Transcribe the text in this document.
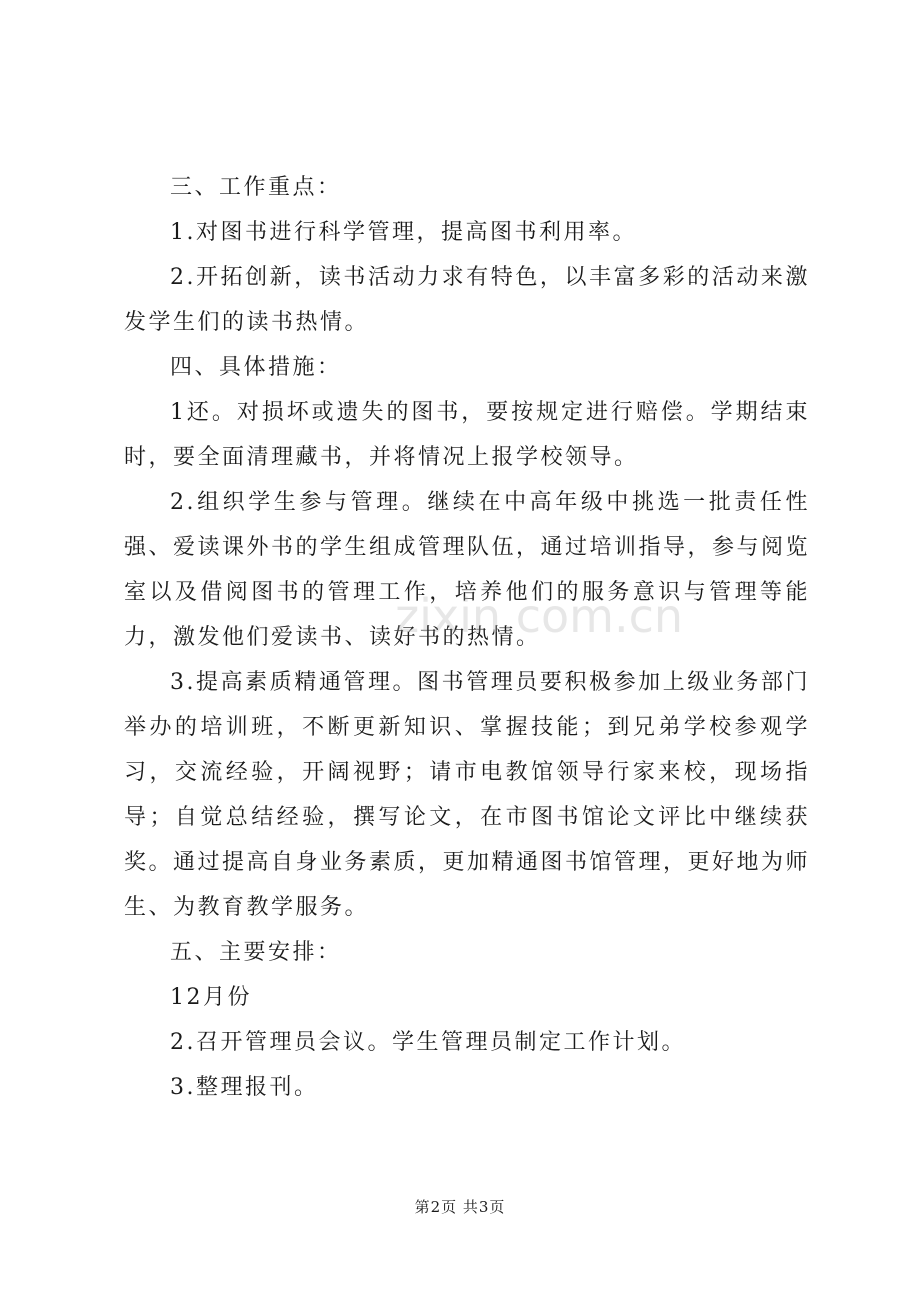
三、工作重点：

1.对图书进行科学管理，提高图书利用率。

2.开拓创新，读书活动力求有特色，以丰富多彩的活动来激发学生们的读书热情。

四、具体措施：

1还。对损坏或遗失的图书，要按规定进行赔偿。学期结束时，要全面清理藏书，并将情况上报学校领导。

2.组织学生参与管理。继续在中高年级中挑选一批责任性强、爱读课外书的学生组成管理队伍，通过培训指导，参与阅览室以及借阅图书的管理工作，培养他们的服务意识与管理等能力，激发他们爱读书、读好书的热情。

3.提高素质精通管理。图书管理员要积极参加上级业务部门举办的培训班，不断更新知识、掌握技能；到兄弟学校参观学习，交流经验，开阔视野；请市电教馆领导行家来校，现场指导；自觉总结经验，撰写论文，在市图书馆论文评比中继续获奖。通过提高自身业务素质，更加精通图书馆管理，更好地为师生、为教育教学服务。

五、主要安排：

12月份

2.召开管理员会议。学生管理员制定工作计划。

3.整理报刊。

zixin.com.cn
第2页 共3页
